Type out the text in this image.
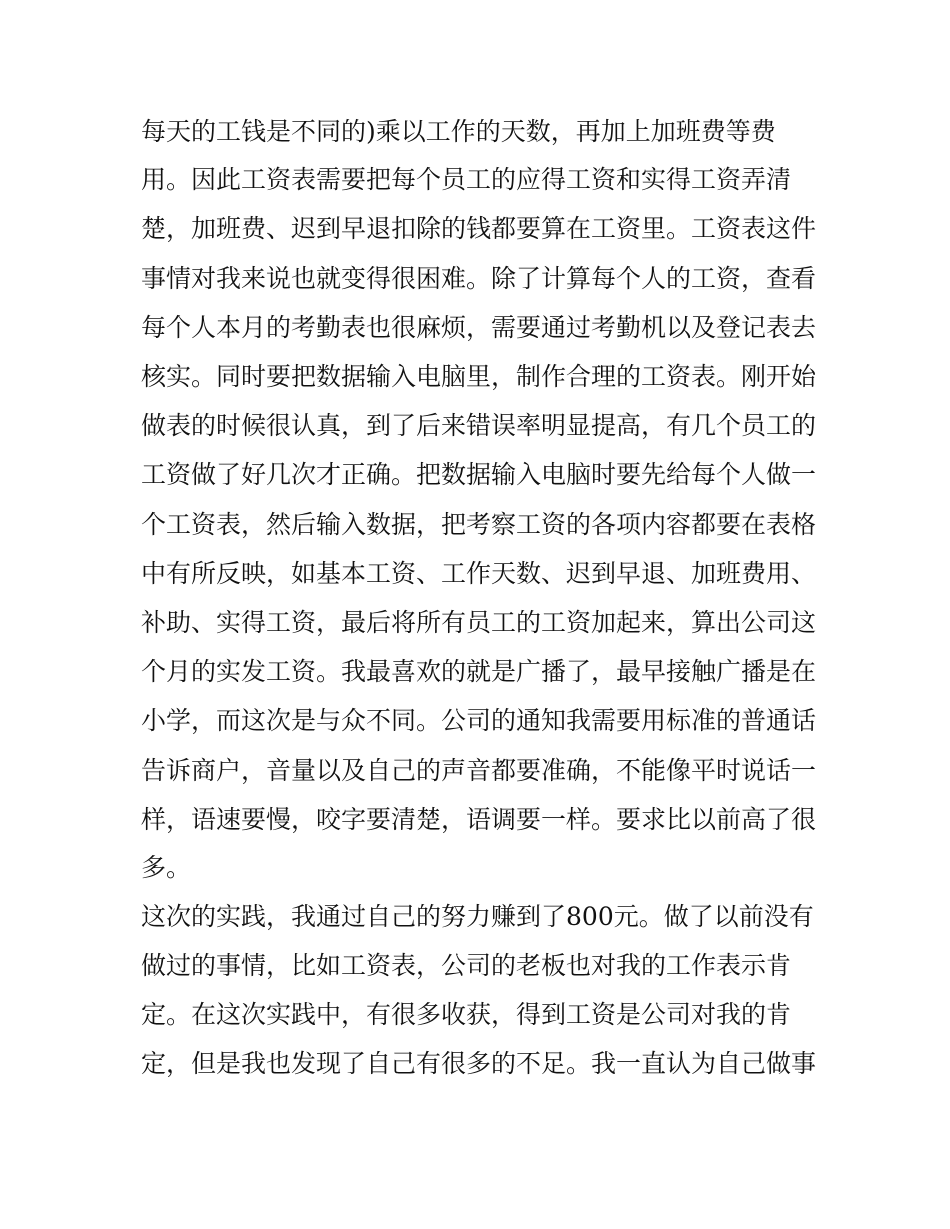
每天的工钱是不同的)乘以工作的天数，再加上加班费等费
用。因此工资表需要把每个员工的应得工资和实得工资弄清
楚，加班费、迟到早退扣除的钱都要算在工资里。工资表这件
事情对我来说也就变得很困难。除了计算每个人的工资，查看
每个人本月的考勤表也很麻烦，需要通过考勤机以及登记表去
核实。同时要把数据输入电脑里，制作合理的工资表。刚开始
做表的时候很认真，到了后来错误率明显提高，有几个员工的
工资做了好几次才正确。把数据输入电脑时要先给每个人做一
个工资表，然后输入数据，把考察工资的各项内容都要在表格
中有所反映，如基本工资、工作天数、迟到早退、加班费用、
补助、实得工资，最后将所有员工的工资加起来，算出公司这
个月的实发工资。我最喜欢的就是广播了，最早接触广播是在
小学，而这次是与众不同。公司的通知我需要用标准的普通话
告诉商户，音量以及自己的声音都要准确，不能像平时说话一
样，语速要慢，咬字要清楚，语调要一样。要求比以前高了很
多。
这次的实践，我通过自己的努力赚到了800元。做了以前没有
做过的事情，比如工资表，公司的老板也对我的工作表示肯
定。在这次实践中，有很多收获，得到工资是公司对我的肯
定，但是我也发现了自己有很多的不足。我一直认为自己做事
